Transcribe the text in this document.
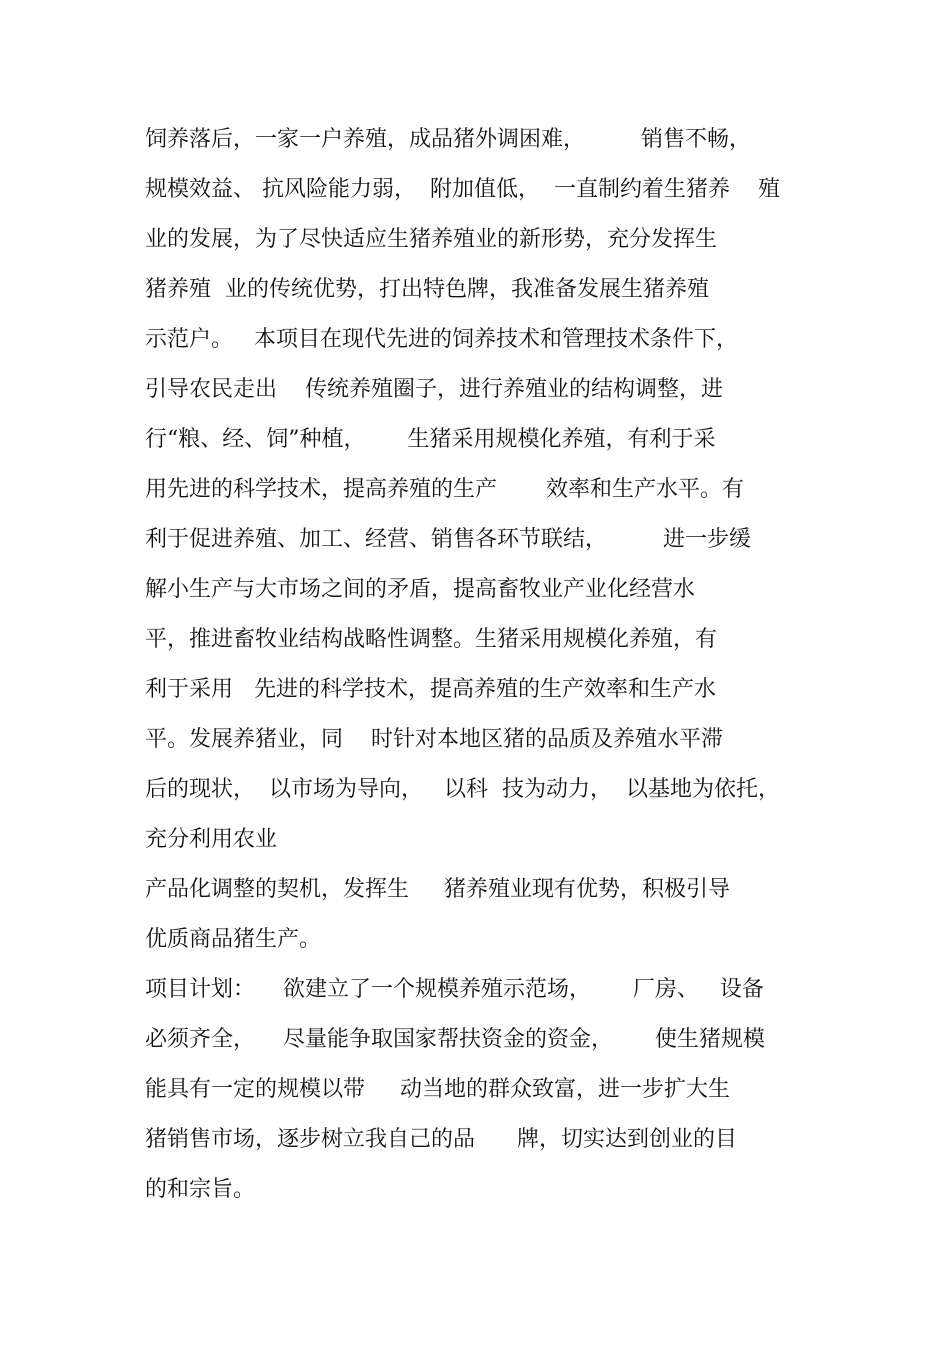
饲养落后，一家一户养殖，成品猪外调困难，        销售不畅，
规模效益、 抗风险能力弱，  附加值低，  一直制约着生猪养    殖
业的发展，为了尽快适应生猪养殖业的新形势，充分发挥生
猪养殖  业的传统优势，打出特色牌，我准备发展生猪养殖
示范户。   本项目在现代先进的饲养技术和管理技术条件下，
引导农民走出    传统养殖圈子，进行养殖业的结构调整，进
行“粮、经、饲”种植，      生猪采用规模化养殖，有利于采
用先进的科学技术，提高养殖的生产       效率和生产水平。有
利于促进养殖、加工、经营、销售各环节联结，        进一步缓
解小生产与大市场之间的矛盾，提高畜牧业产业化经营水
平，推进畜牧业结构战略性调整。生猪采用规模化养殖，有
利于采用   先进的科学技术，提高养殖的生产效率和生产水
平。发展养猪业，同    时针对本地区猪的品质及养殖水平滞
后的现状，  以市场为导向，   以科  技为动力，  以基地为依托，
充分利用农业
产品化调整的契机，发挥生     猪养殖业现有优势，积极引导
优质商品猪生产。
项目计划：    欲建立了一个规模养殖示范场，      厂房、   设备
必须齐全，    尽量能争取国家帮扶资金的资金，      使生猪规模
能具有一定的规模以带     动当地的群众致富，进一步扩大生
猪销售市场，逐步树立我自己的品      牌，切实达到创业的目
的和宗旨。
